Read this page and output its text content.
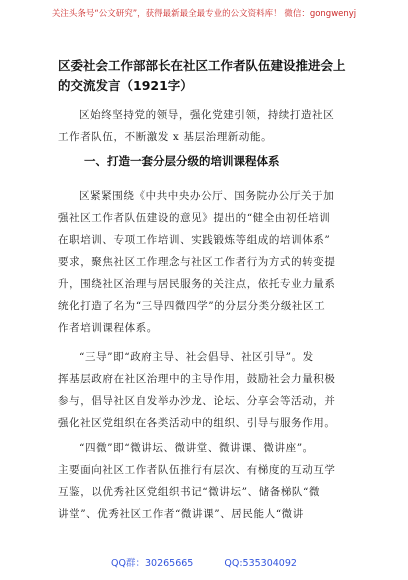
关注头条号“公文研究”，获得最新最全最专业的公文资料库！ 微信：gongwenyj
区委社会工作部部长在社区工作者队伍建设推进会上的交流发言（1921字）
区始终坚持党的领导，强化党建引领，持续打造社区
工作者队伍，不断激发 x 基层治理新动能。
一、打造一套分层分级的培训课程体系
区紧紧围绕《中共中央办公厅、国务院办公厅关于加
强社区工作者队伍建设的意见》提出的“健全由初任培训
在职培训、专项工作培训、实践锻炼等组成的培训体系”
要求，聚焦社区工作理念与社区工作者行为方式的转变提
升，围绕社区治理与居民服务的关注点，依托专业力量系
统化打造了名为“三导四微四学”的分层分类分级社区工
作者培训课程体系。
“三导”即“政府主导、社会倡导、社区引导”。发
挥基层政府在社区治理中的主导作用，鼓励社会力量积极
参与，倡导社区自发举办沙龙、论坛、分享会等活动，并
强化社区党组织在各类活动中的组织、引导与服务作用。
“四微”即“微讲坛、微讲堂、微讲课、微讲座”。
主要面向社区工作者队伍推行有层次、有梯度的互动互学
互鉴，以优秀社区党组织书记“微讲坛”、储备梯队“微
讲堂”、优秀社区工作者“微讲课”、居民能人“微讲
QQ群：30265665	QQ:535304092
